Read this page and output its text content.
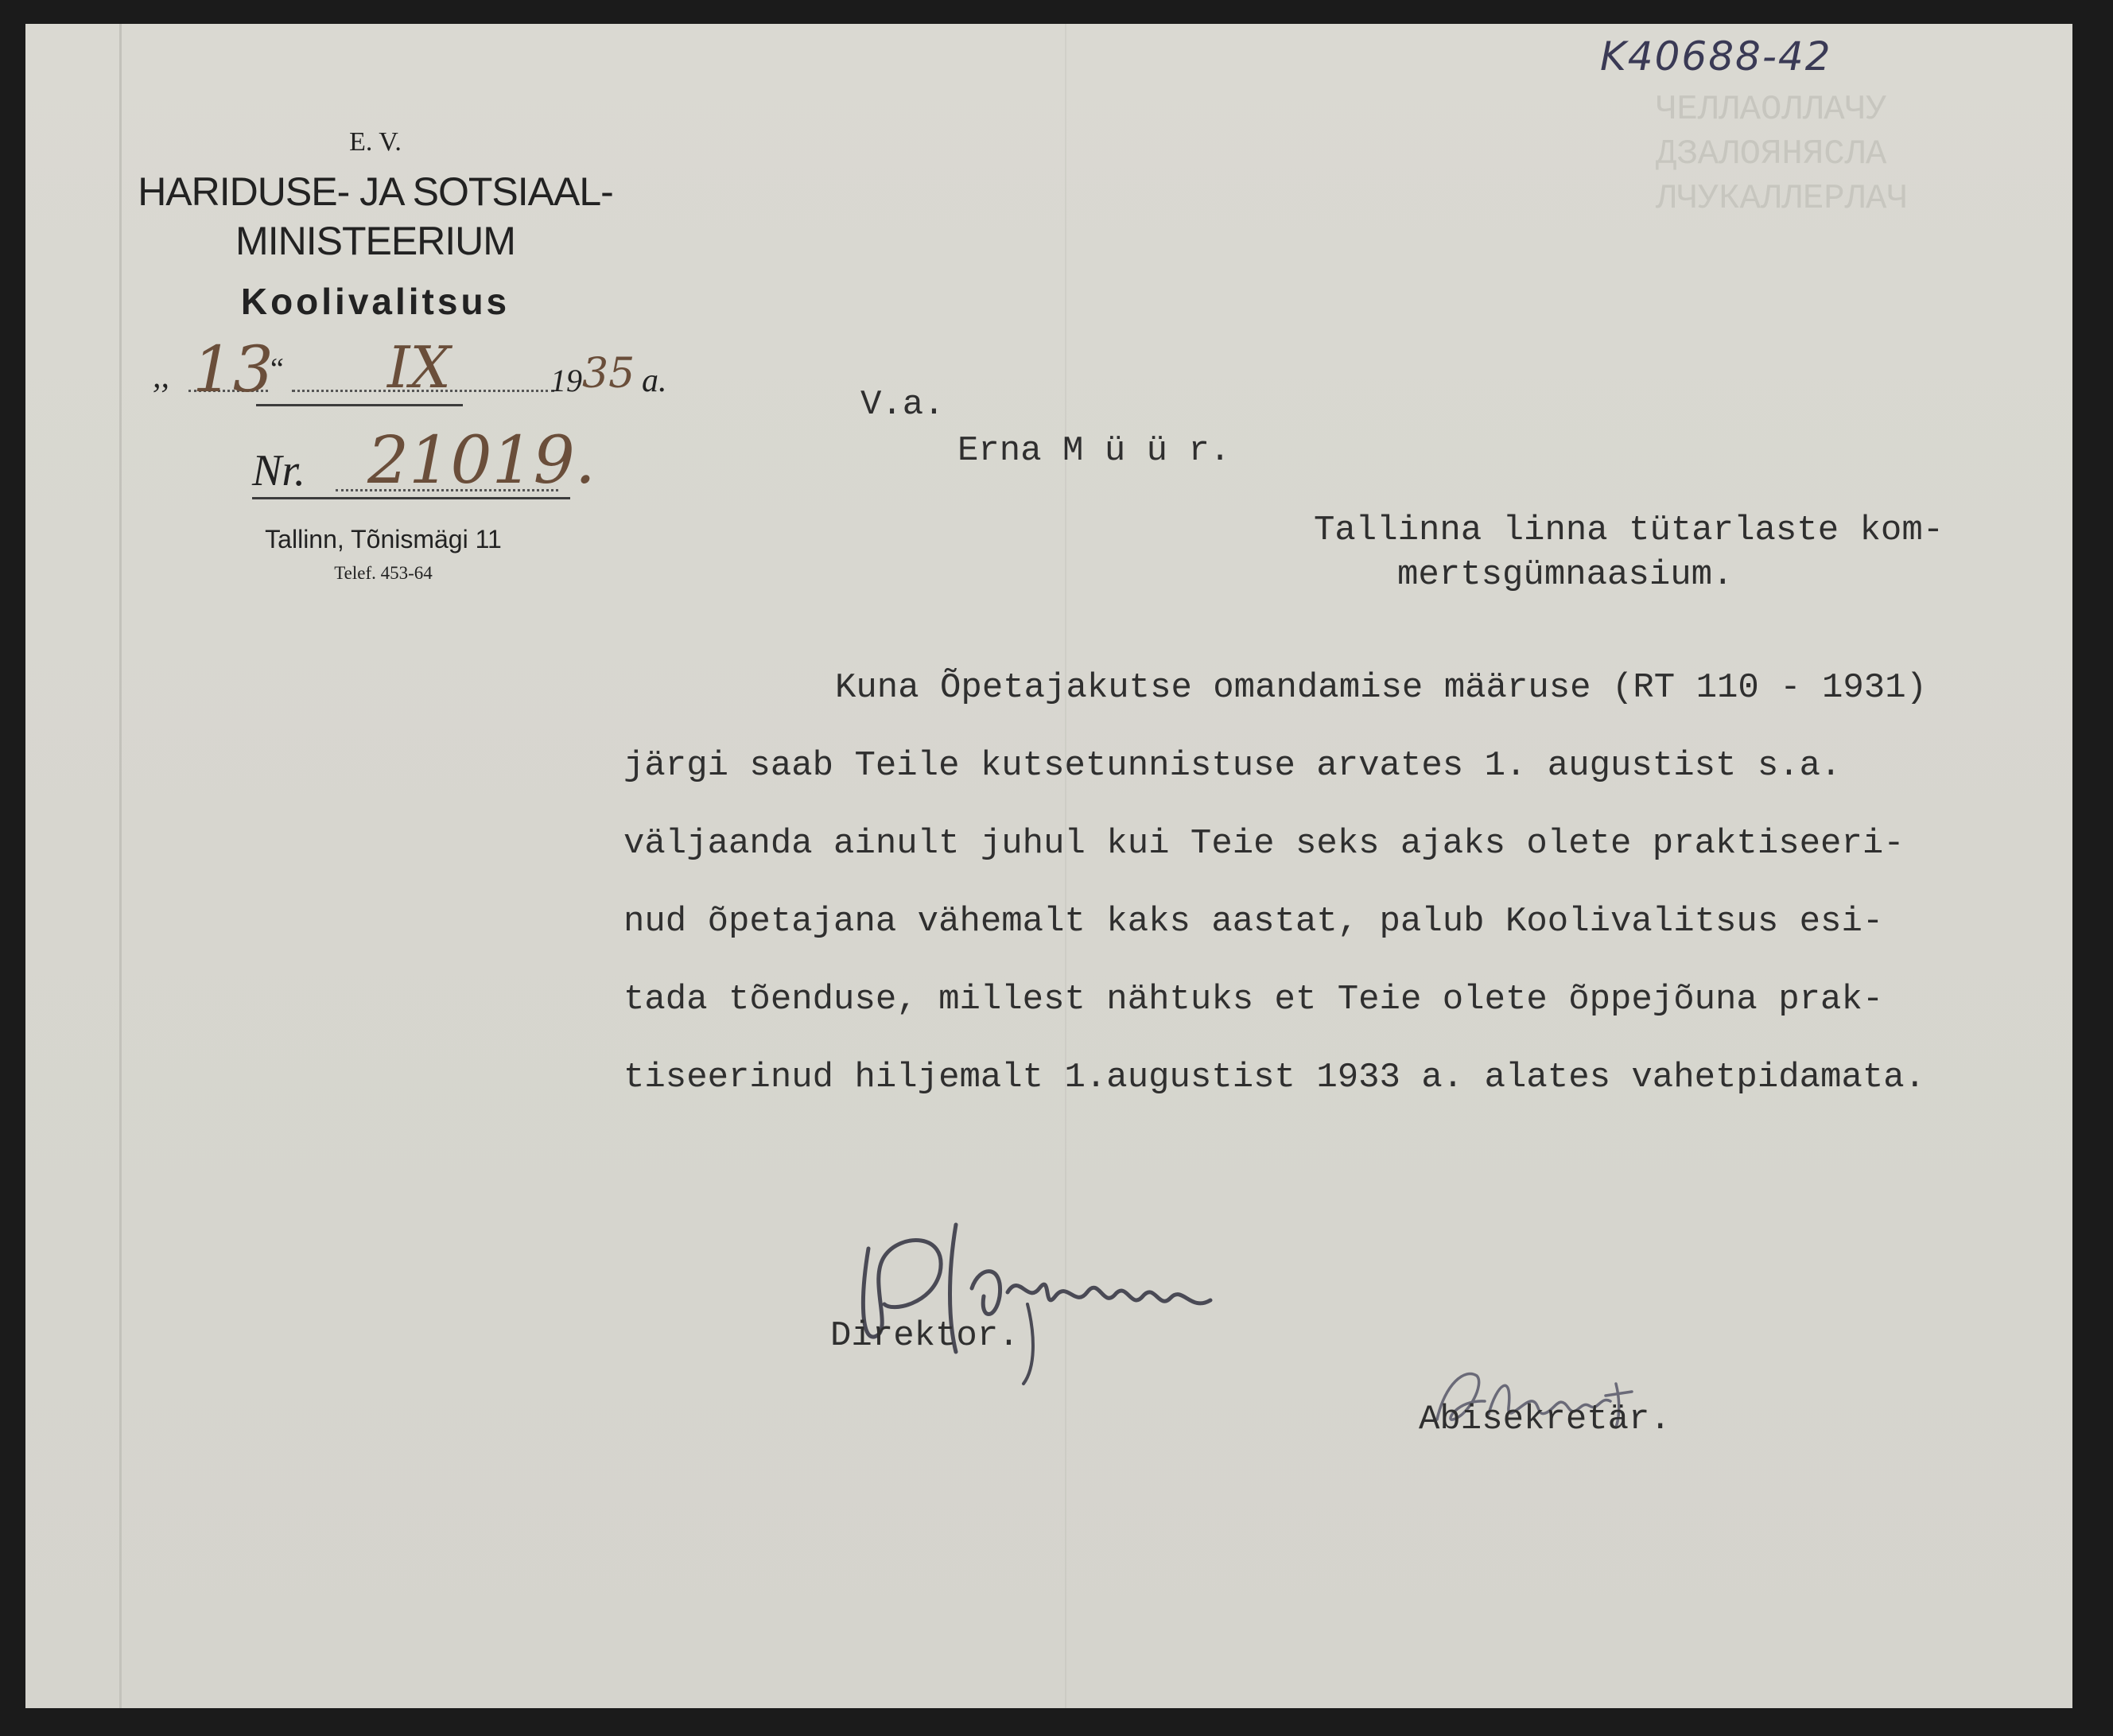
K40688-42
ЧЕЛЛАОЛЛАЧУ
ДЗАЛОЯНЯСЛА
ЛЧУКАЛЛЕРЛАЧ
E. V.
HARIDUSE- JA SOTSIAAL-
MINISTEERIUM
Koolivalitsus
,, 13
“ IX	19 35 a.
Nr. 21019.
Tallinn, Tõnismägi 11
Telef. 453-64
V.a.
Erna M ü ü r.
Tallinna linna tütarlaste kom-
mertsgümnaasium.
Kuna Õpetajakutse omandamise määruse (RT 110 - 1931)
järgi saab Teile kutsetunnistuse arvates 1. augustist s.a.
väljaanda ainult juhul kui Teie seks ajaks olete praktiseeri-
nud õpetajana vähemalt kaks aastat, palub Koolivalitsus esi-
tada tõenduse, millest nähtuks et Teie olete õppejõuna prak-
tiseerinud hiljemalt 1.augustist 1933 a. alates vahetpidamata.
Direktor.
Abisekretär.
